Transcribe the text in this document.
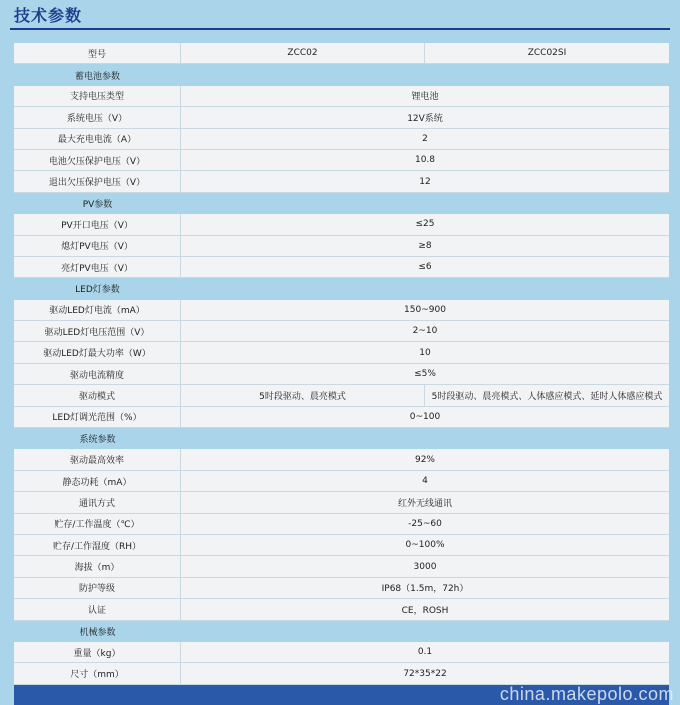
技术参数
型号	ZCC02	ZCC02SI
蓄电池参数
支持电压类型	锂电池
系统电压（V）	12V系统
最大充电电流（A）	2
电池欠压保护电压（V）	10.8
退出欠压保护电压（V）	12
PV参数
PV开口电压（V）	≤25
熄灯PV电压（V）	≥8
亮灯PV电压（V）	≤6
LED灯参数
驱动LED灯电流（mA）	150~900
驱动LED灯电压范围（V）	2~10
驱动LED灯最大功率（W）	10
驱动电流精度	≤5%
驱动模式	5时段驱动、晨亮模式	5时段驱动、晨亮模式、人体感应模式、延时人体感应模式
LED灯调光范围（%）	0~100
系统参数
驱动最高效率	92%
静态功耗（mA）	4
通讯方式	红外无线通讯
贮存/工作温度（℃）	-25~60
贮存/工作湿度（RH）	0~100%
海拔（m）	3000
防护等级	IP68（1.5m，72h）
认证	CE，ROSH
机械参数
重量（kg）	0.1
尺寸（mm）	72*35*22
china.makepolo.com
